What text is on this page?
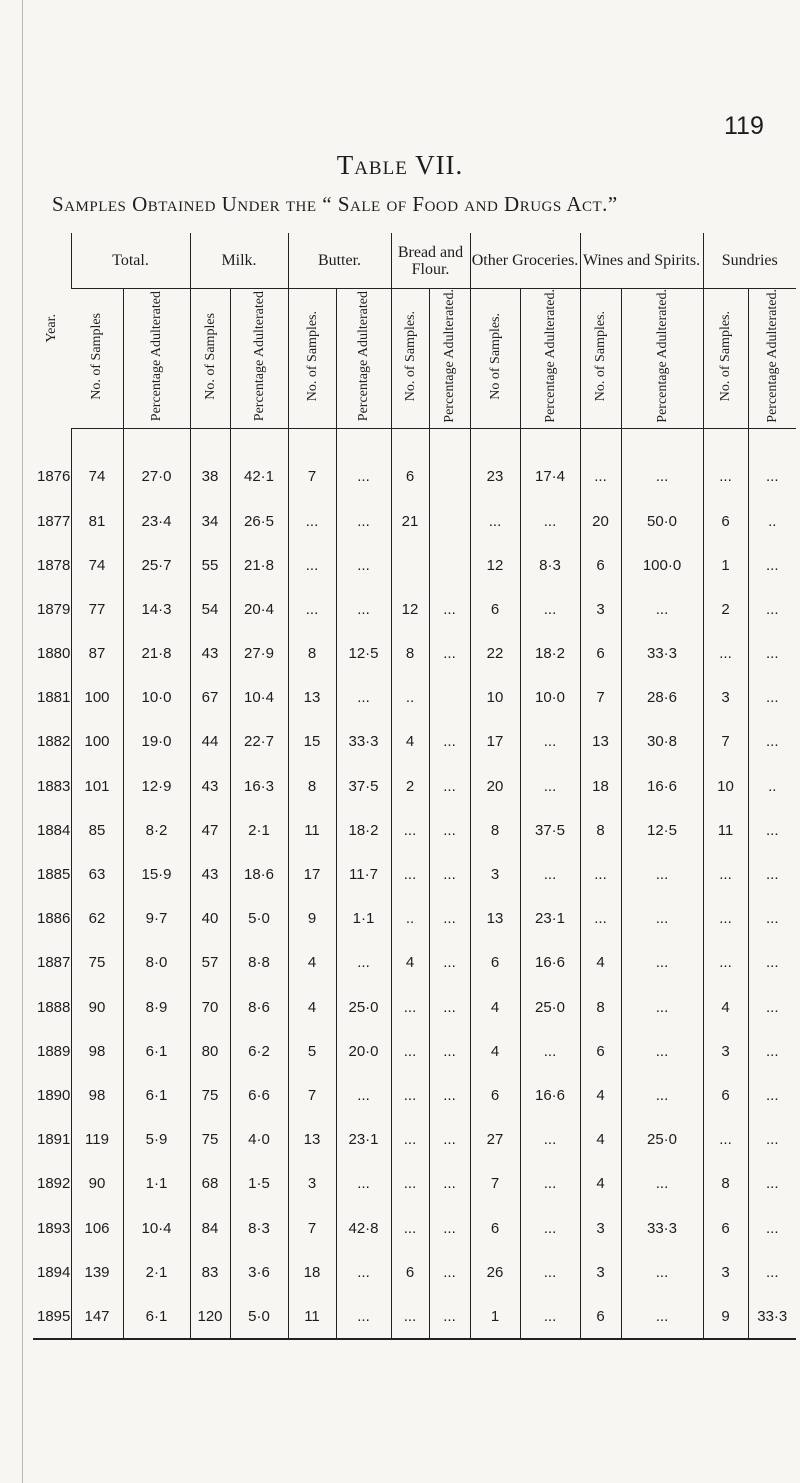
119
Table VII.
Samples Obtained Under the “ Sale of Food and Drugs Act.”
Year.	Total.		Milk.		Butter.		Bread and Flour.		Other Groceries.		Wines and Spirits.		Sundries	
	No. of Samples	Percentage Adulterated	No. of Samples	Percentage Adulterated	No. of Samples.	Percentage Adulterated	No. of Samples.	Percentage Adulterated.	No of Samples.	Percentage Adulterated.	No. of Samples.	Percentage Adulterated.	No. of Samples.	Percentage Adulterated.

1876	74	27·0	38	42·1	7	...	6		23	17·4	...	...	...	...
1877	81	23·4	34	26·5	...	...	21		...	...	20	50·0	6	..
1878	74	25·7	55	21·8	...	...			12	8·3	6	100·0	1	...
1879	77	14·3	54	20·4	...	...	12	...	6	...	3	...	2	...
1880	87	21·8	43	27·9	8	12·5	8	...	22	18·2	6	33·3	...	...
1881	100	10·0	67	10·4	13	...	..		10	10·0	7	28·6	3	...
1882	100	19·0	44	22·7	15	33·3	4	...	17	...	13	30·8	7	...
1883	101	12·9	43	16·3	8	37·5	2	...	20	...	18	16·6	10	..
1884	85	8·2	47	2·1	11	18·2	...	...	8	37·5	8	12·5	11	...
1885	63	15·9	43	18·6	17	11·7	...	...	3	...	...	...	...	...
1886	62	9·7	40	5·0	9	1·1	..	...	13	23·1	...	...	...	...
1887	75	8·0	57	8·8	4	...	4	...	6	16·6	4	...	...	...
1888	90	8·9	70	8·6	4	25·0	...	...	4	25·0	8	...	4	...
1889	98	6·1	80	6·2	5	20·0	...	...	4	...	6	...	3	...
1890	98	6·1	75	6·6	7	...	...	...	6	16·6	4	...	6	...
1891	119	5·9	75	4·0	13	23·1	...	...	27	...	4	25·0	...	...
1892	90	1·1	68	1·5	3	...	...	...	7	...	4	...	8	...
1893	106	10·4	84	8·3	7	42·8	...	...	6	...	3	33·3	6	...
1894	139	2·1	83	3·6	18	...	6	...	26	...	3	...	3	...
1895	147	6·1	120	5·0	11	...	...	...	1	...	6	...	9	33·3
